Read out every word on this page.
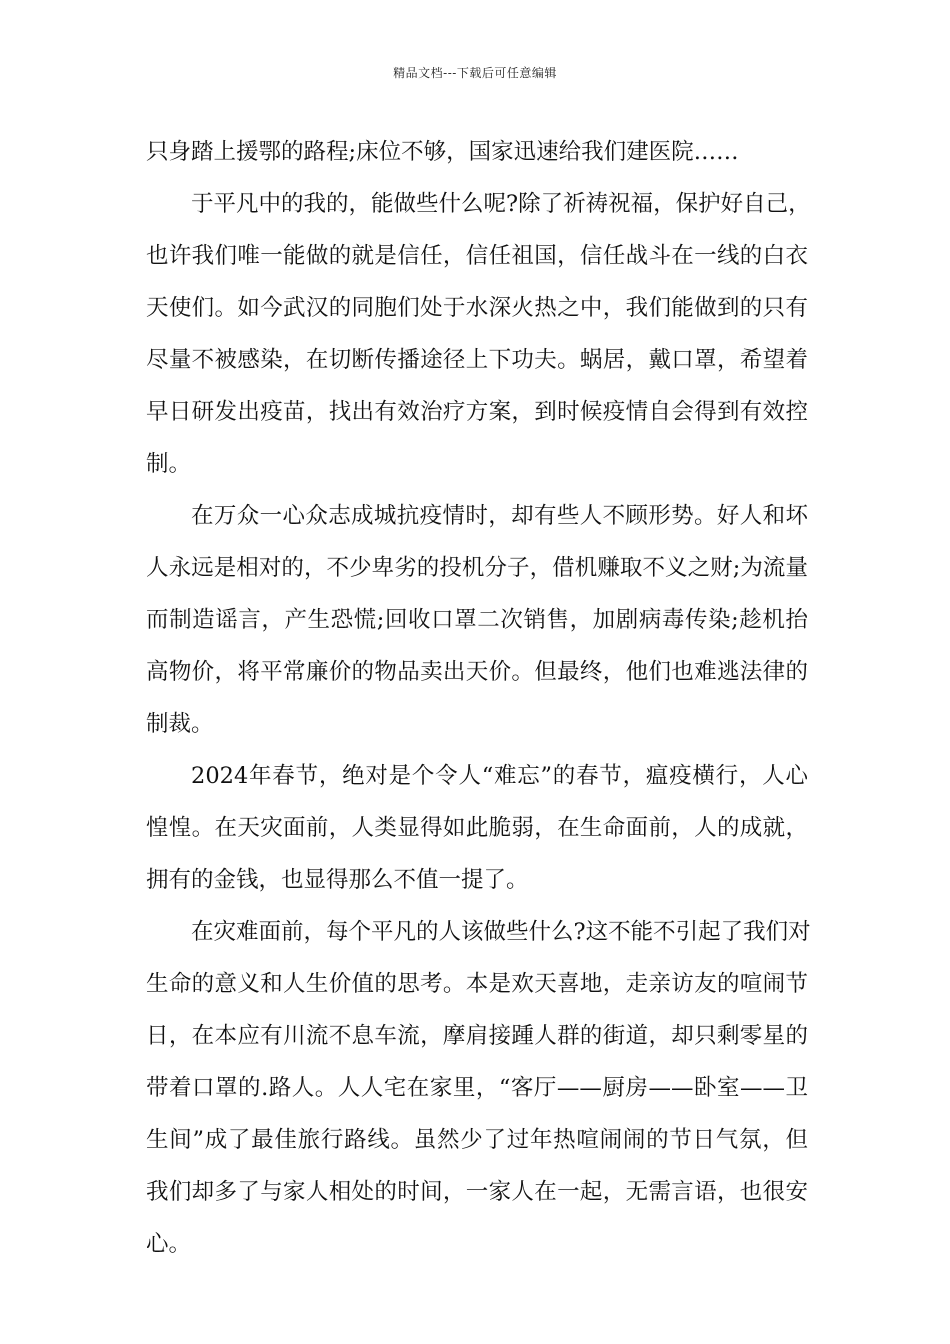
精品文档---下载后可任意编辑
只身踏上援鄂的路程;床位不够，国家迅速给我们建医院……
于平凡中的我的，能做些什么呢?除了祈祷祝福，保护好自己，
也许我们唯一能做的就是信任，信任祖国，信任战斗在一线的白衣
天使们。如今武汉的同胞们处于水深火热之中，我们能做到的只有
尽量不被感染，在切断传播途径上下功夫。蜗居，戴口罩，希望着
早日研发出疫苗，找出有效治疗方案，到时候疫情自会得到有效控
制。
在万众一心众志成城抗疫情时，却有些人不顾形势。好人和坏
人永远是相对的，不少卑劣的投机分子，借机赚取不义之财;为流量
而制造谣言，产生恐慌;回收口罩二次销售，加剧病毒传染;趁机抬
高物价，将平常廉价的物品卖出天价。但最终，他们也难逃法律的
制裁。
2024年春节，绝对是个令人“难忘”的春节，瘟疫横行，人心
惶惶。在天灾面前，人类显得如此脆弱，在生命面前，人的成就，
拥有的金钱，也显得那么不值一提了。
在灾难面前，每个平凡的人该做些什么?这不能不引起了我们对
生命的意义和人生价值的思考。本是欢天喜地，走亲访友的喧闹节
日，在本应有川流不息车流，摩肩接踵人群的街道，却只剩零星的
带着口罩的.路人。人人宅在家里，“客厅——厨房——卧室——卫
生间”成了最佳旅行路线。虽然少了过年热喧闹闹的节日气氛，但
我们却多了与家人相处的时间，一家人在一起，无需言语，也很安
心。
